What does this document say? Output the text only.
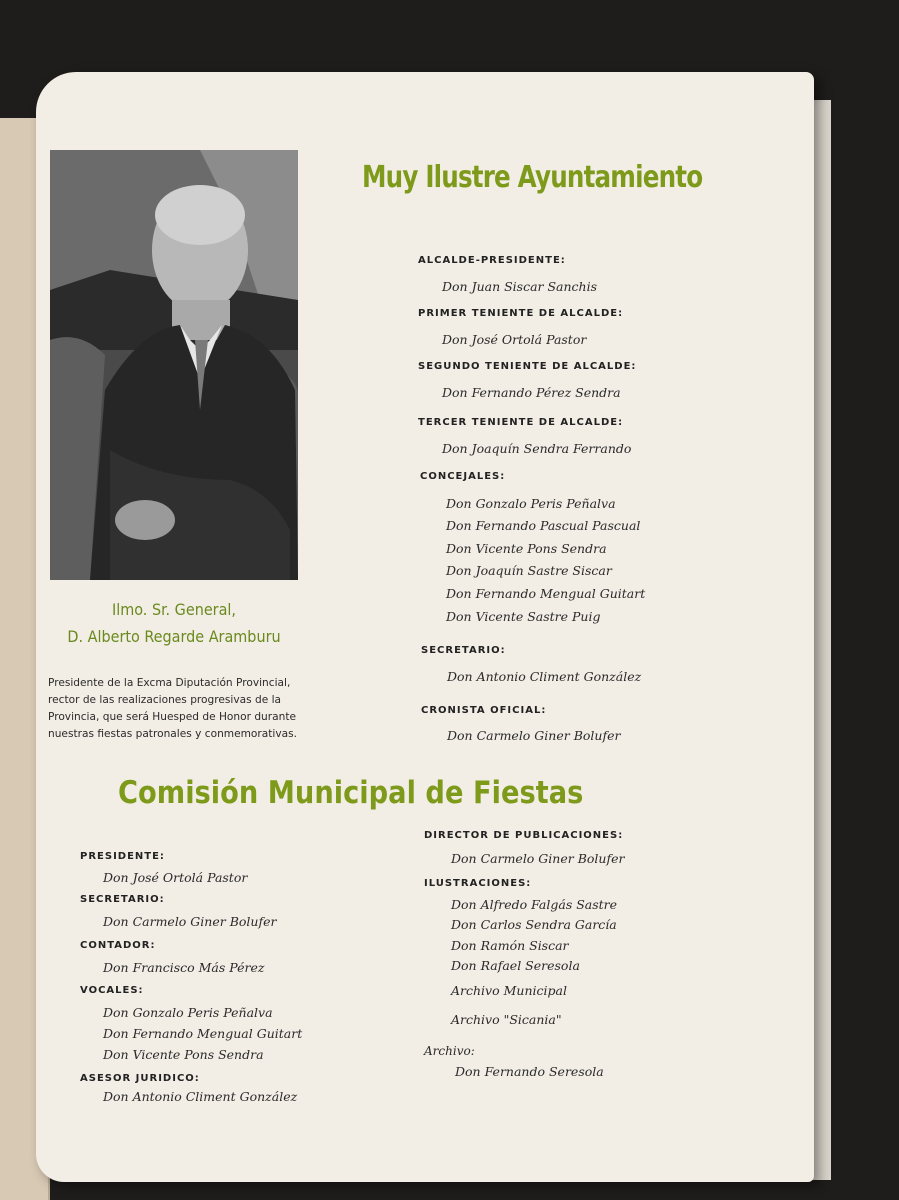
Ilmo. Sr. General,
D. Alberto Regarde Aramburu
Presidente de la Excma Diputación Provincial,
rector de las realizaciones progresivas de la
Provincia, que será Huesped de Honor durante
nuestras fiestas patronales y conmemorativas.
Muy Ilustre Ayuntamiento
ALCALDE-PRESIDENTE:
Don Juan Siscar Sanchis
PRIMER TENIENTE DE ALCALDE:
Don José Ortolá Pastor
SEGUNDO TENIENTE DE ALCALDE:
Don Fernando Pérez Sendra
TERCER TENIENTE DE ALCALDE:
Don Joaquín Sendra Ferrando
CONCEJALES:
Don Gonzalo Peris Peñalva
Don Fernando Pascual Pascual
Don Vicente Pons Sendra
Don Joaquín Sastre Siscar
Don Fernando Mengual Guitart
Don Vicente Sastre Puig
SECRETARIO:
Don Antonio Climent González
CRONISTA OFICIAL:
Don Carmelo Giner Bolufer
Comisión Municipal de Fiestas
PRESIDENTE:
Don José Ortolá Pastor
SECRETARIO:
Don Carmelo Giner Bolufer
CONTADOR:
Don Francisco Más Pérez
VOCALES:
Don Gonzalo Peris Peñalva
Don Fernando Mengual Guitart
Don Vicente Pons Sendra
ASESOR JURIDICO:
Don Antonio Climent González
DIRECTOR DE PUBLICACIONES:
Don Carmelo Giner Bolufer
ILUSTRACIONES:
Don Alfredo Falgás Sastre
Don Carlos Sendra García
Don Ramón Siscar
Don Rafael Seresola
Archivo Municipal
Archivo "Sicania"
Archivo:
Don Fernando Seresola
